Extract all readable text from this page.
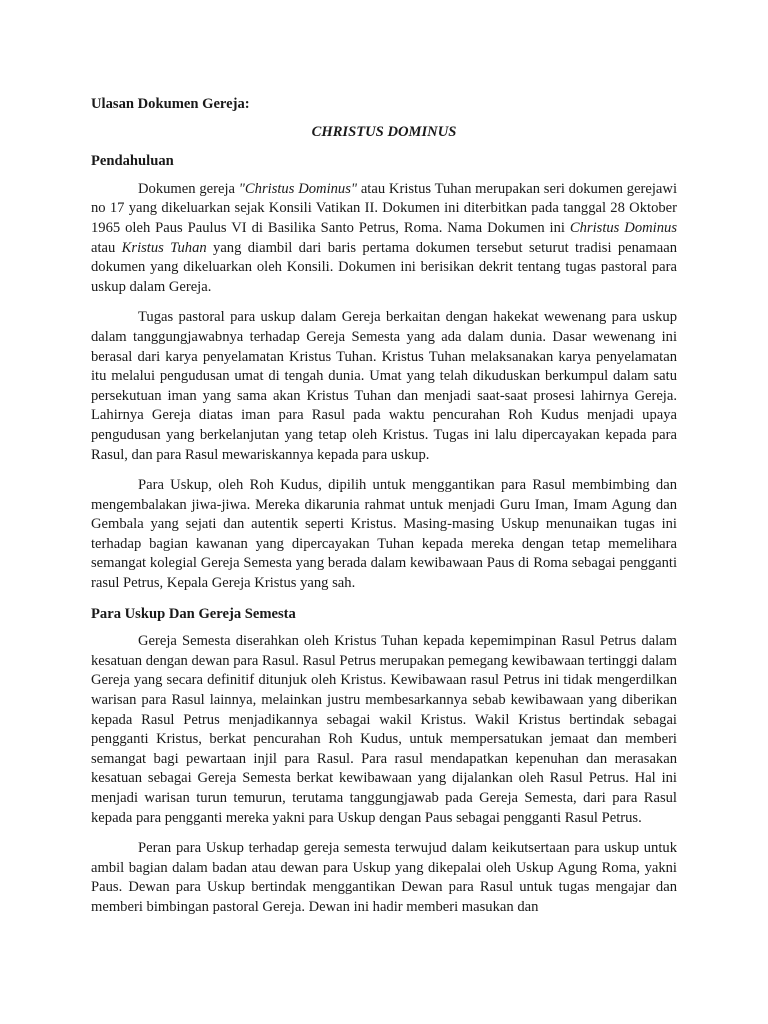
Ulasan Dokumen Gereja:

CHRISTUS DOMINUS

Pendahuluan

Dokumen gereja "Christus Dominus" atau Kristus Tuhan merupakan seri dokumen gerejawi no 17 yang dikeluarkan sejak Konsili Vatikan II. Dokumen ini diterbitkan pada tanggal 28 Oktober 1965 oleh Paus Paulus VI di Basilika Santo Petrus, Roma. Nama Dokumen ini Christus Dominus atau Kristus Tuhan yang diambil dari baris pertama dokumen tersebut seturut tradisi penamaan dokumen yang dikeluarkan oleh Konsili. Dokumen ini berisikan dekrit tentang tugas pastoral para uskup dalam Gereja.

Tugas pastoral para uskup dalam Gereja berkaitan dengan hakekat wewenang para uskup dalam tanggungjawabnya terhadap Gereja Semesta yang ada dalam dunia. Dasar wewenang ini berasal dari karya penyelamatan Kristus Tuhan. Kristus Tuhan melaksanakan karya penyelamatan itu melalui pengudusan umat di tengah dunia. Umat yang telah dikuduskan berkumpul dalam satu persekutuan iman yang sama akan Kristus Tuhan dan menjadi saat-saat prosesi lahirnya Gereja. Lahirnya Gereja diatas iman para Rasul pada waktu pencurahan Roh Kudus menjadi upaya pengudusan yang berkelanjutan yang tetap oleh Kristus. Tugas ini lalu dipercayakan kepada para Rasul, dan para Rasul mewariskannya kepada para uskup.

Para Uskup, oleh Roh Kudus, dipilih untuk menggantikan para Rasul membimbing dan mengembalakan jiwa-jiwa. Mereka dikarunia rahmat untuk menjadi Guru Iman, Imam Agung dan Gembala yang sejati dan autentik seperti Kristus. Masing-masing Uskup menunaikan tugas ini terhadap bagian kawanan yang dipercayakan Tuhan kepada mereka dengan tetap memelihara semangat kolegial Gereja Semesta yang berada dalam kewibawaan Paus di Roma sebagai pengganti rasul Petrus, Kepala Gereja Kristus yang sah.

Para Uskup Dan Gereja Semesta

Gereja Semesta diserahkan oleh Kristus Tuhan kepada kepemimpinan Rasul Petrus dalam kesatuan dengan dewan para Rasul. Rasul Petrus merupakan pemegang kewibawaan tertinggi dalam Gereja yang secara definitif ditunjuk oleh Kristus. Kewibawaan rasul Petrus ini tidak mengerdilkan warisan para Rasul lainnya, melainkan justru membesarkannya sebab kewibawaan yang diberikan kepada Rasul Petrus menjadikannya sebagai wakil Kristus. Wakil Kristus bertindak sebagai pengganti Kristus, berkat pencurahan Roh Kudus, untuk mempersatukan jemaat dan memberi semangat bagi pewartaan injil para Rasul. Para rasul mendapatkan kepenuhan dan merasakan kesatuan sebagai Gereja Semesta berkat kewibawaan yang dijalankan oleh Rasul Petrus. Hal ini menjadi warisan turun temurun, terutama tanggungjawab pada Gereja Semesta, dari para Rasul kepada para pengganti mereka yakni para Uskup dengan Paus sebagai pengganti Rasul Petrus.

Peran para Uskup terhadap gereja semesta terwujud dalam keikutsertaan para uskup untuk ambil bagian dalam badan atau dewan para Uskup yang dikepalai oleh Uskup Agung Roma, yakni Paus. Dewan para Uskup bertindak menggantikan Dewan para Rasul untuk tugas mengajar dan memberi bimbingan pastoral Gereja. Dewan ini hadir memberi masukan dan
